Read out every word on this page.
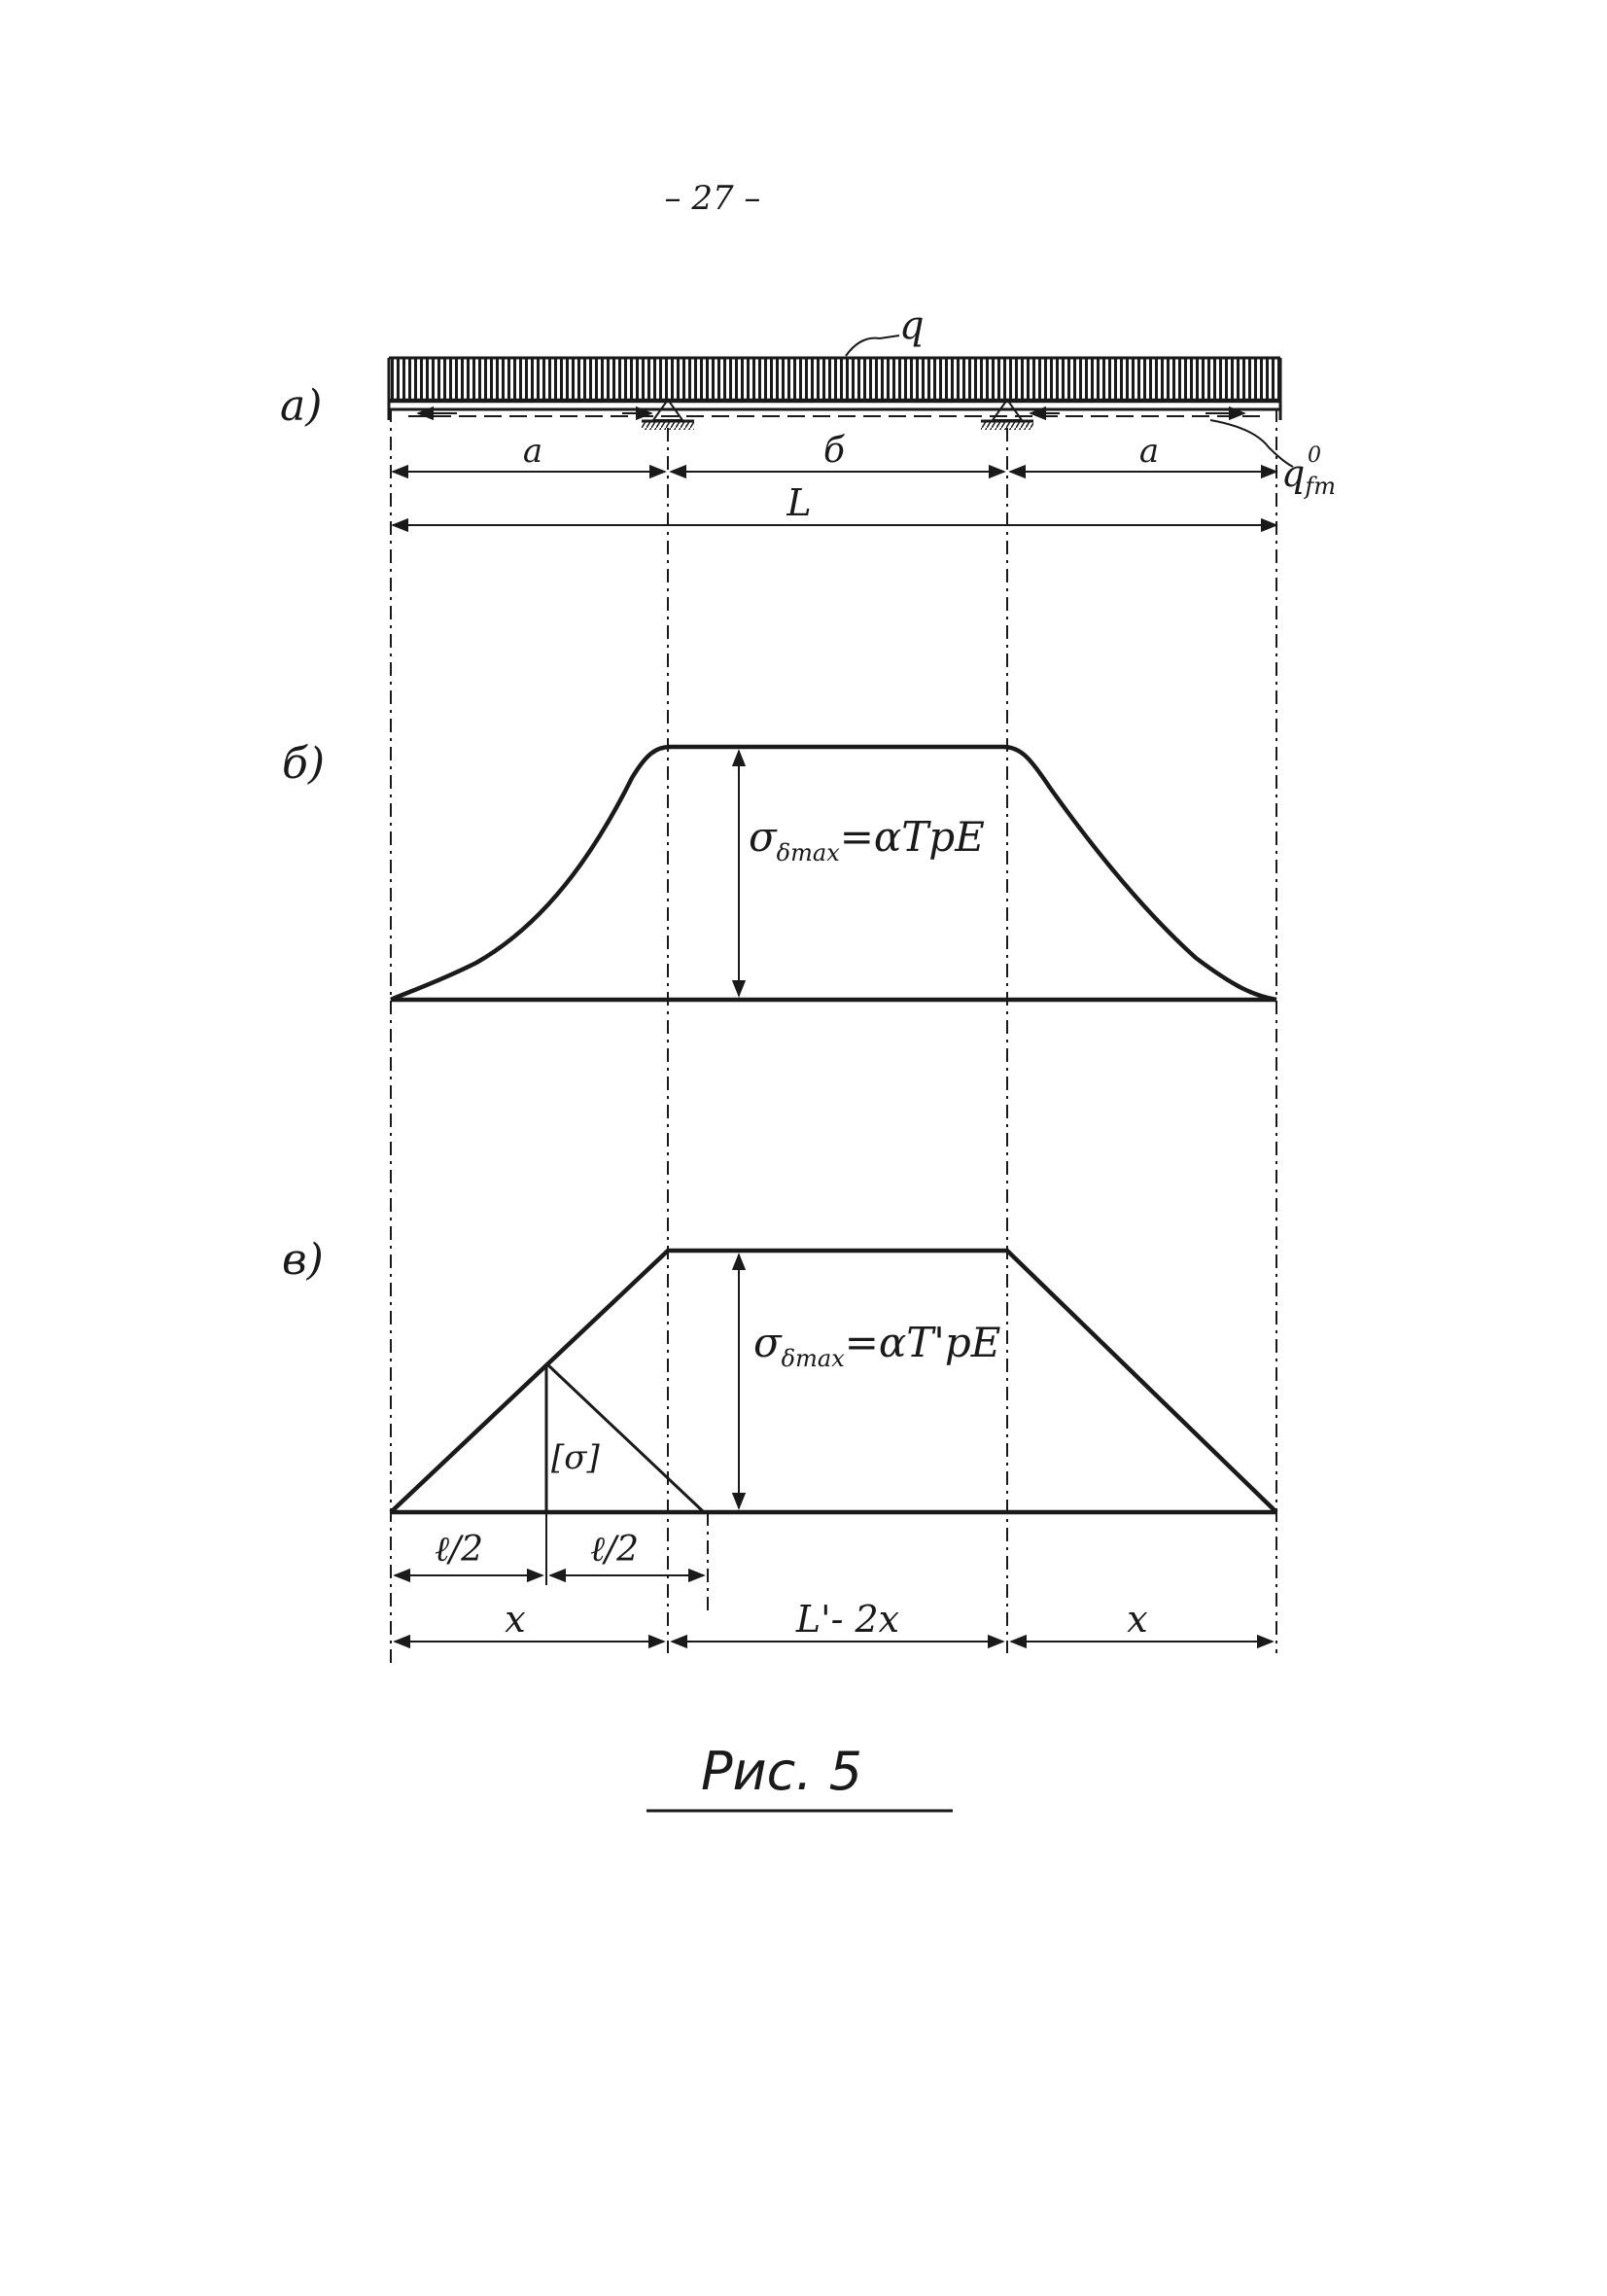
– 27 –
а)
q
$q_{fт}$
0
а	б	а
L
б)
$\sigma_{\delta max}=\alpha TpE$
в)
[σ]
$\sigma_{\delta max}=\alpha T'pE$
ℓ/2	ℓ/2
x	L'- 2x	x
Рис. 5
